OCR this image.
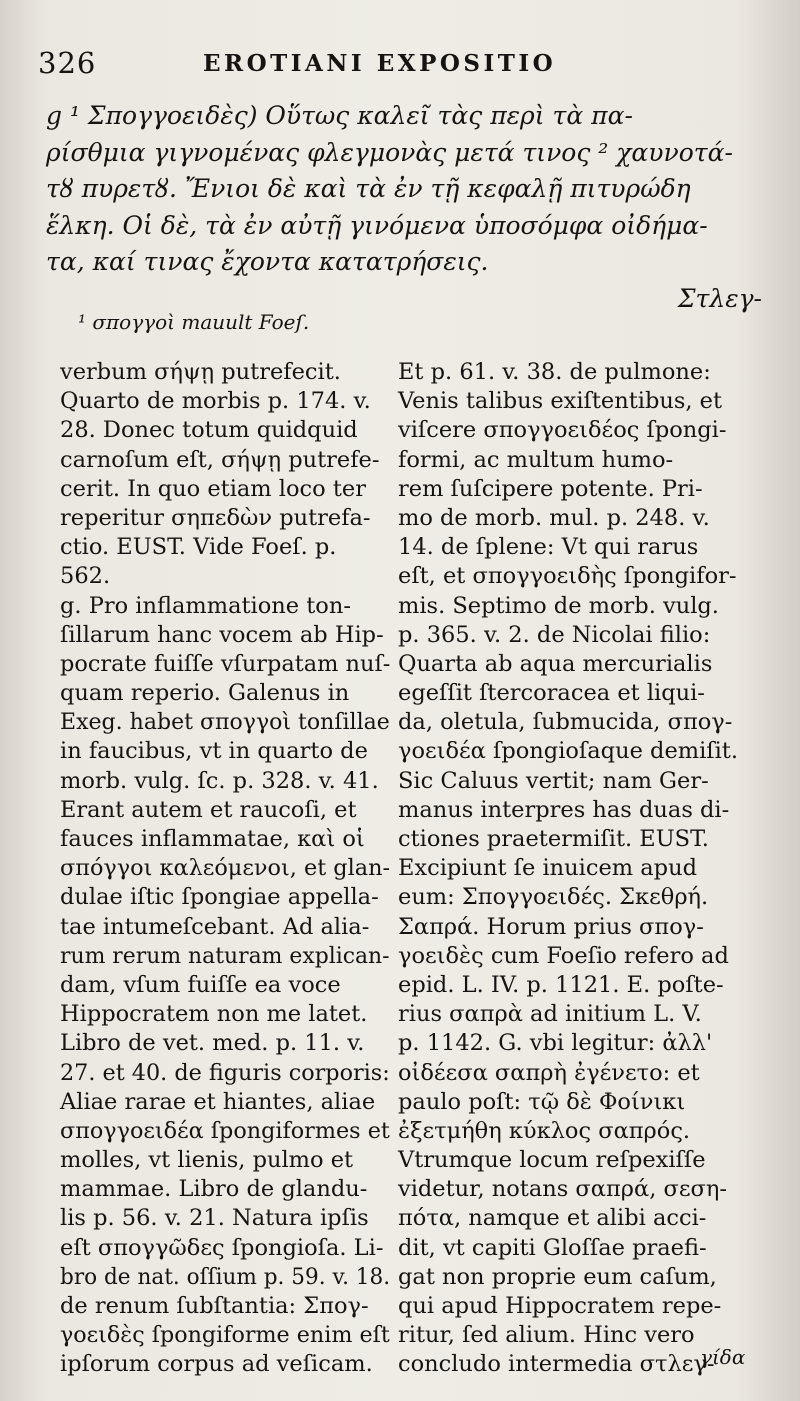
326	EROTIANI EXPOSITIO
g ¹ Σπογγοειδὲς) Οὕτως καλεῖ τὰς περὶ τὰ πα-
ρίσθμια γιγνομένας φλεγμονὰς μετά τινος ² χαυνοτά-
τȣ πυρετȣ. Ἔνιοι δὲ καὶ τὰ ἐν τῇ κεφαλῇ πιτυρώδη
ἕλκη. Οἱ δὲ, τὰ ἐν αὐτῇ γινόμενα ὑποσόμφα οἰδήμα-
τα, καί τινας ἔχοντα κατατρήσεις.
Στλεγ-
¹ σπογγοὶ mauult Foeſ.
verbum σήψῃ putrefecit.
Quarto de morbis p. 174. v.
28. Donec totum quidquid
carnoſum eſt, σήψῃ putrefe-
cerit. In quo etiam loco ter
reperitur σηπεδὼν putrefa-
ctio. EUST. Vide Foeſ. p.
562.
g. Pro inflammatione ton-
ſillarum hanc vocem ab Hip-
pocrate fuiſſe vſurpatam nuſ-
quam reperio. Galenus in
Exeg. habet σπογγοὶ tonſillae
in faucibus, vt in quarto de
morb. vulg. ſc. p. 328. v. 41.
Erant autem et raucoſi, et
fauces inflammatae, καὶ οἱ
σπόγγοι καλεόμενοι, et glan-
dulae iſtic ſpongiae appella-
tae intumeſcebant. Ad alia-
rum rerum naturam explican-
dam, vſum fuiſſe ea voce
Hippocratem non me latet.
Libro de vet. med. p. 11. v.
27. et 40. de figuris corporis:
Aliae rarae et hiantes, aliae
σπογγοειδέα ſpongiformes et
molles, vt lienis, pulmo et
mammae. Libro de glandu-
lis p. 56. v. 21. Natura ipſis
eſt σπογγῶδες ſpongioſa. Li-
bro de nat. oſſium p. 59. v. 18.
de renum ſubſtantia: Σπογ-
γοειδὲς ſpongiforme enim eſt
ipſorum corpus ad veſicam.
Et p. 61. v. 38. de pulmone:
Venis talibus exiſtentibus, et
viſcere σπογγοειδέος ſpongi-
formi, ac multum humo-
rem ſuſcipere potente. Pri-
mo de morb. mul. p. 248. v.
14. de ſplene: Vt qui rarus
eſt, et σπογγοειδὴς ſpongifor-
mis. Septimo de morb. vulg.
p. 365. v. 2. de Nicolai filio:
Quarta ab aqua mercurialis
egeſſit ſtercoracea et liqui-
da, oletula, ſubmucida, σπογ-
γοειδέα ſpongioſaque demiſit.
Sic Caluus vertit; nam Ger-
manus interpres has duas di-
ctiones praetermiſit. EUST.
Excipiunt ſe inuicem apud
eum: Σπογγοειδές. Σκεθρή.
Σαπρά. Horum prius σπογ-
γοειδὲς cum Foeſio refero ad
epid. L. IV. p. 1121. E. poſte-
rius σαπρὰ ad initium L. V.
p. 1142. G. vbi legitur: ἀλλ'
οἰδέεσα σαπρὴ ἐγένετο: et
paulo poſt: τῷ δὲ Φοίνικι
ἐξετμήθη κύκλος σαπρός.
Vtrumque locum reſpexiſſe
videtur, notans σαπρά, σεση-
πότα, namque et alibi acci-
dit, vt capiti Gloſſae praefi-
gat non proprie eum caſum,
qui apud Hippocratem repe-
ritur, ſed alium. Hinc vero
concludo intermedia στλεγ-
γίδα
